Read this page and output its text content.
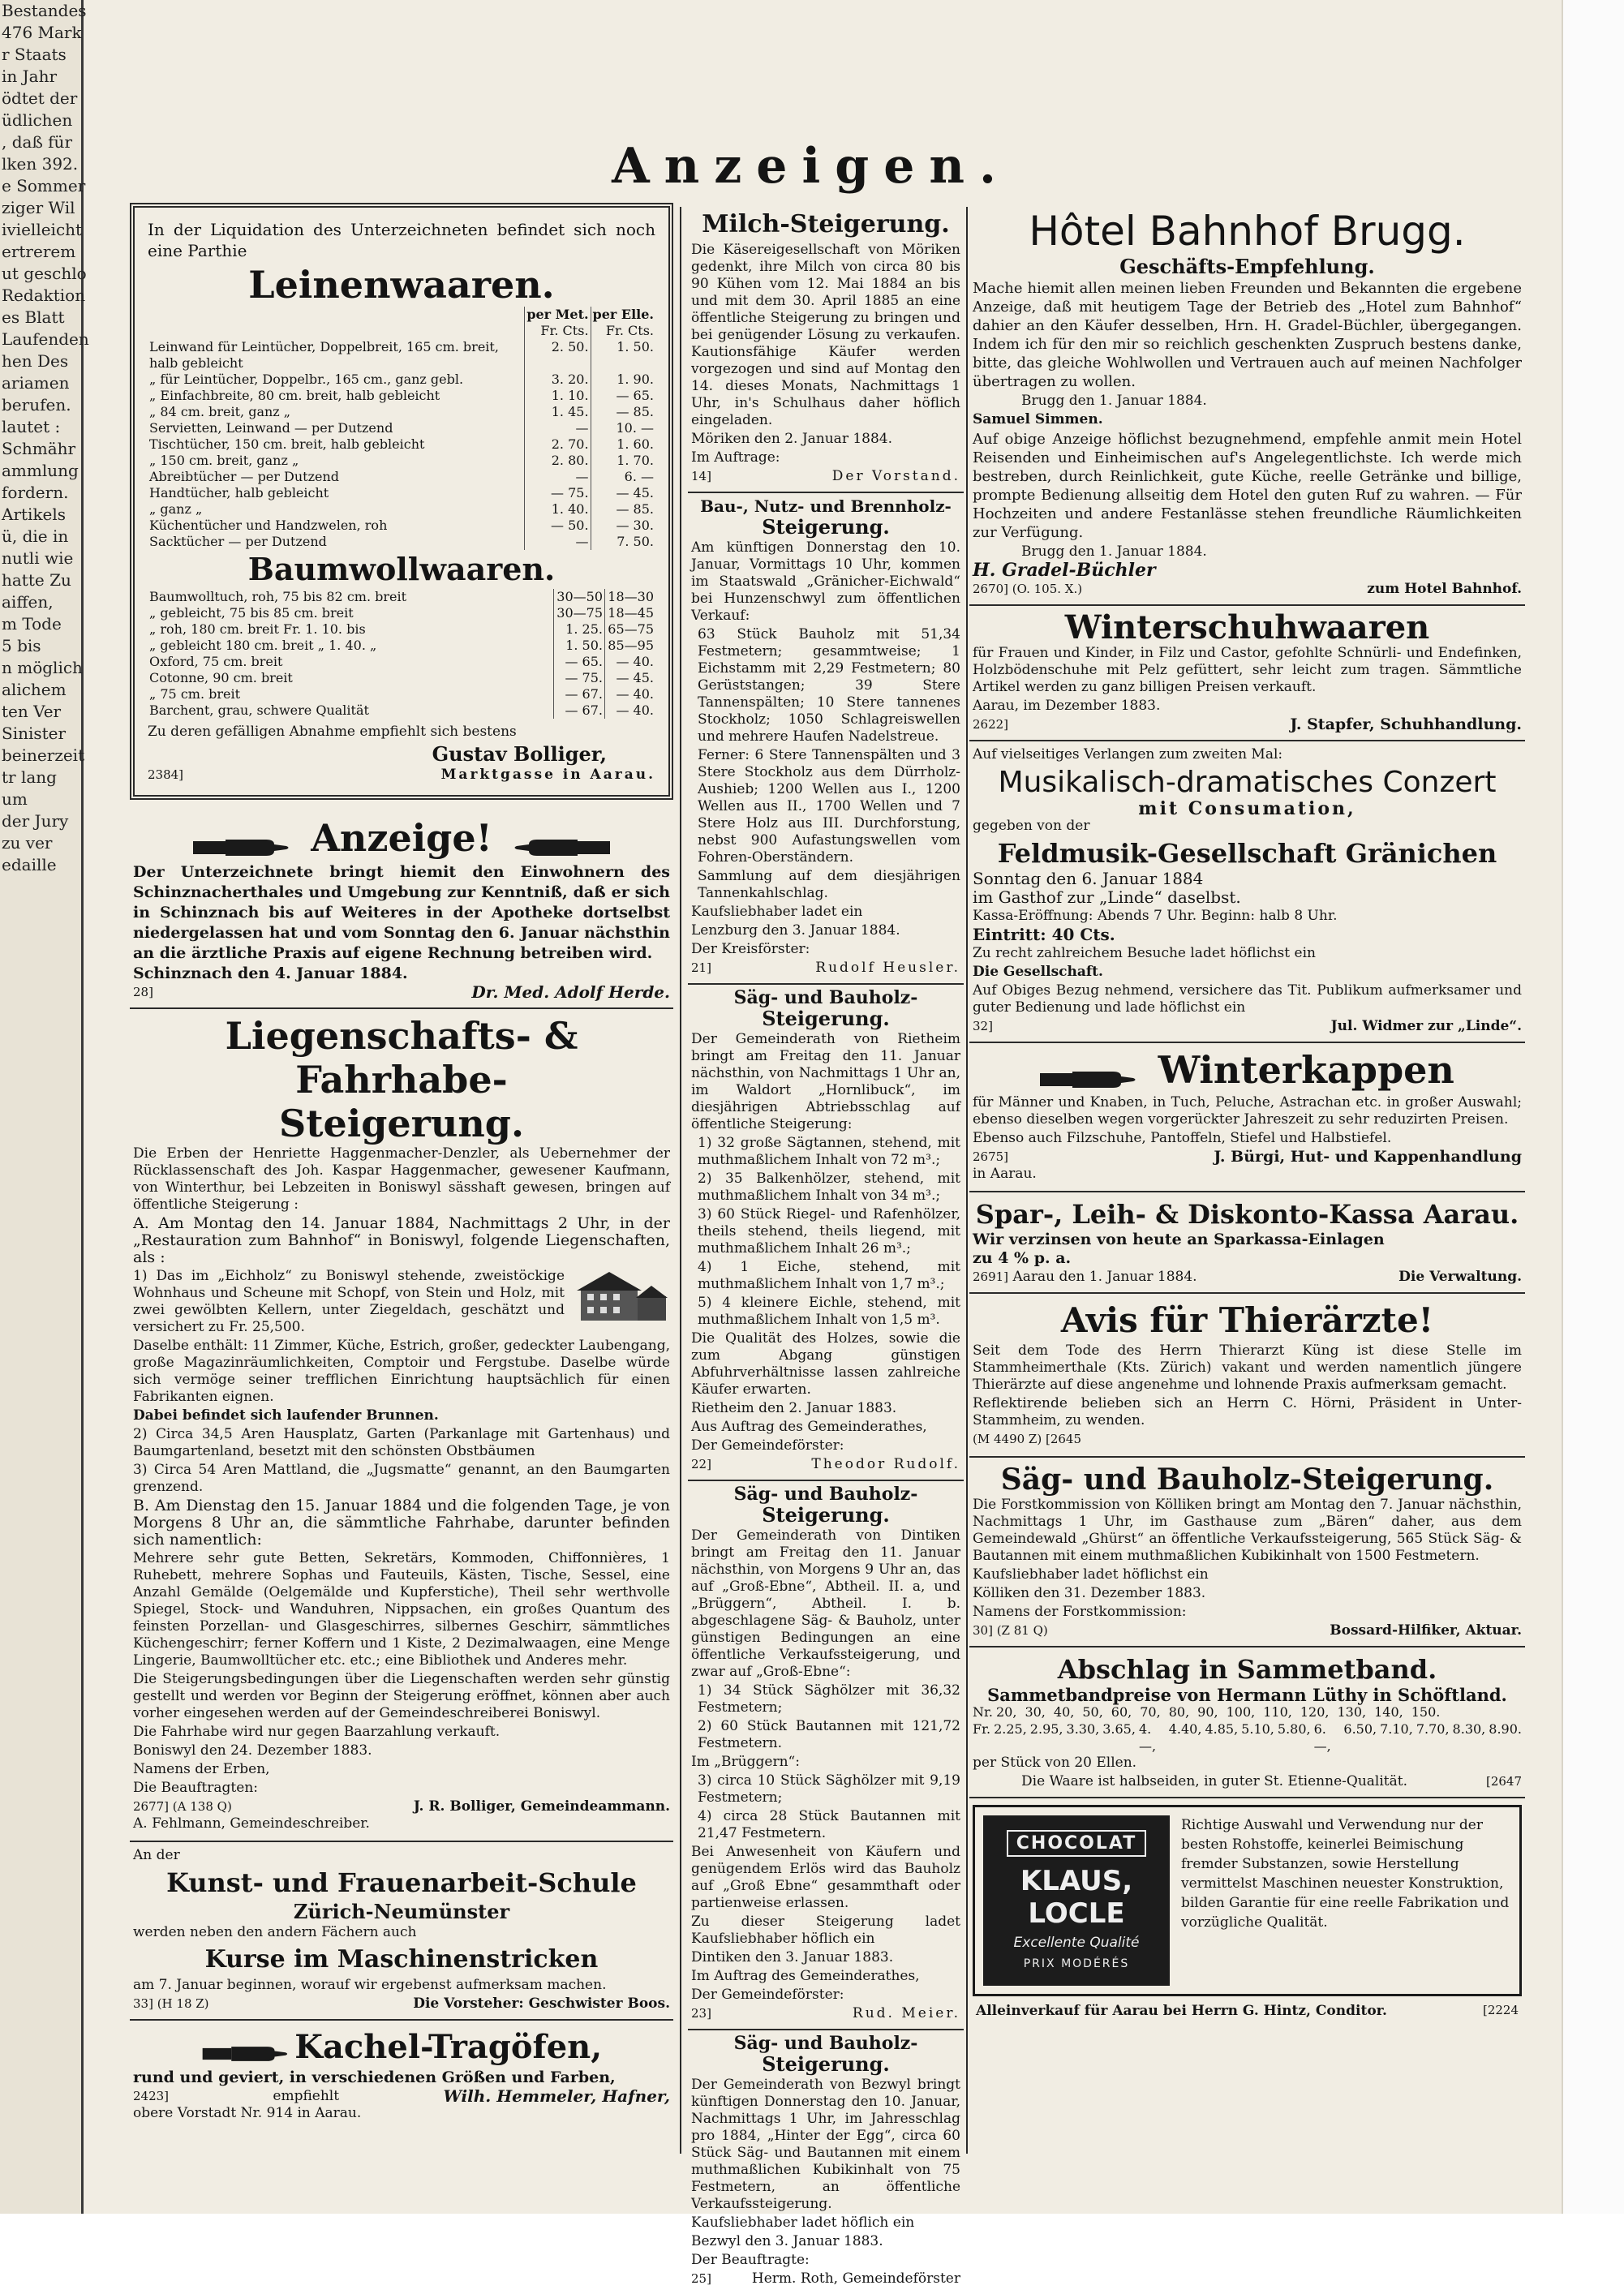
Bestandes
476 Mark
r Staats
in Jahr
ödtet der
üdlichen
, daß für
lken 392.
e Sommer
ziger Wil
ivielleicht
ertrerem
ut geschlo
Redaktion
es Blatt
Laufenden
hen Des
ariamen
berufen.
lautet :
Schmähr
ammlung
fordern.
Artikels
ü, die in
nutli wie
hatte Zu
aiffen,
m Tode
5 bis
n möglich
alichem
ten Ver
Sinister
beinerzeit
tr lang
um
der Jury
zu ver
edaille
Anzeigen.

In der Liquidation des Unterzeichneten befindet sich noch eine Parthie

Leinenwaaren.
	per Met.	per Elle.
	Fr. Cts.	Fr. Cts.
Leinwand für Leintücher, Doppelbreit, 165 cm. breit, halb gebleicht	2. 50.	1. 50.
„ für Leintücher, Doppelbr., 165 cm., ganz gebl.	3. 20.	1. 90.
„ Einfachbreite, 80 cm. breit, halb gebleicht	1. 10.	— 65.
„ 84 cm. breit, ganz „	1. 45.	— 85.
Servietten, Leinwand — per Dutzend	—	10. —
Tischtücher, 150 cm. breit, halb gebleicht	2. 70.	1. 60.
„ 150 cm. breit, ganz „	2. 80.	1. 70.
Abreibtücher — per Dutzend	—	6. —
Handtücher, halb gebleicht	— 75.	— 45.
„ ganz „	1. 40.	— 85.
Küchentücher und Handzwelen, roh	— 50.	— 30.
Sacktücher — per Dutzend	—	7. 50.
Baumwollwaaren.
Baumwolltuch, roh, 75 bis 82 cm. breit	30—50	18—30
„ gebleicht, 75 bis 85 cm. breit	30—75	18—45
„ roh, 180 cm. breit Fr. 1. 10. bis	1. 25.	65—75
„ gebleicht 180 cm. breit „ 1. 40. „	1. 50.	85—95
Oxford, 75 cm. breit	— 65.	— 40.
Cotonne, 90 cm. breit	— 75.	— 45.
„ 75 cm. breit	— 67.	— 40.
Barchent, grau, schwere Qualität	— 67.	— 40.

Zu deren gefälligen Abnahme empfiehlt sich bestens

Gustav Bolliger,
2384]	Marktgasse in Aarau.
Anzeige!

Der Unterzeichnete bringt hiemit den Einwohnern des Schinznacherthales und Umgebung zur Kenntniß, daß er sich in Schinznach bis auf Weiteres in der Apotheke dortselbst niedergelassen hat und vom Sonntag den 6. Januar nächsthin an die ärztliche Praxis auf eigene Rechnung betreiben wird.

Schinznach den 4. Januar 1884.

28]	Dr. Med. Adolf Herde.
Liegenschafts- & Fahrhabe-
Steigerung.

Die Erben der Henriette Haggenmacher-Denzler, als Uebernehmer der Rücklassenschaft des Joh. Kaspar Haggenmacher, gewesener Kaufmann, von Winterthur, bei Lebzeiten in Boniswyl sässhaft gewesen, bringen auf öffentliche Steigerung :

A. Am Montag den 14. Januar 1884, Nachmittags 2 Uhr, in der „Restauration zum Bahnhof“ in Boniswyl, folgende Liegenschaften, als :

1) Das im „Eichholz“ zu Boniswyl stehende, zweistöckige Wohnhaus und Scheune mit Schopf, von Stein und Holz, mit zwei gewölbten Kellern, unter Ziegeldach, geschätzt und versichert zu Fr. 25,500.

Daselbe enthält: 11 Zimmer, Küche, Estrich, großer, gedeckter Laubengang, große Magazinräumlichkeiten, Comptoir und Fergstube. Daselbe würde sich vermöge seiner trefflichen Einrichtung hauptsächlich für einen Fabrikanten eignen.

Dabei befindet sich laufender Brunnen.

2) Circa 34,5 Aren Hausplatz, Garten (Parkanlage mit Gartenhaus) und Baumgartenland, besetzt mit den schönsten Obstbäumen

3) Circa 54 Aren Mattland, die „Jugsmatte“ genannt, an den Baumgarten grenzend.

B. Am Dienstag den 15. Januar 1884 und die folgenden Tage, je von Morgens 8 Uhr an, die sämmtliche Fahrhabe, darunter befinden sich namentlich:

Mehrere sehr gute Betten, Sekretärs, Kommoden, Chiffonnières, 1 Ruhebett, mehrere Sophas und Fauteuils, Kästen, Tische, Sessel, eine Anzahl Gemälde (Oelgemälde und Kupferstiche), Theil sehr werthvolle Spiegel, Stock- und Wanduhren, Nippsachen, ein großes Quantum des feinsten Porzellan- und Glasgeschirres, silbernes Geschirr, sämmtliches Küchengeschirr; ferner Koffern und 1 Kiste, 2 Dezimalwaagen, eine Menge Lingerie, Baumwolltücher etc. etc.; eine Bibliothek und Anderes mehr.

Die Steigerungsbedingungen über die Liegenschaften werden sehr günstig gestellt und werden vor Beginn der Steigerung eröffnet, können aber auch vorher eingesehen werden auf der Gemeindeschreiberei Boniswyl.

Die Fahrhabe wird nur gegen Baarzahlung verkauft.

Boniswyl den 24. Dezember 1883.

Namens der Erben,

Die Beauftragten:

2677] (A 138 Q)	J. R. Bolliger, Gemeindeammann.

A. Fehlmann, Gemeindeschreiber.

An der

Kunst- und Frauenarbeit-Schule
Zürich-Neumünster

werden neben den andern Fächern auch

Kurse im Maschinenstricken

am 7. Januar beginnen, worauf wir ergebenst aufmerksam machen.

33] (H 18 Z)	Die Vorsteher: Geschwister Boos.
Kachel-Tragöfen,

rund und geviert, in verschiedenen Größen und Farben,

2423]	empfiehlt	Wilh. Hemmeler, Hafner,

obere Vorstadt Nr. 914 in Aarau.

Milch-Steigerung.

Die Käsereigesellschaft von Möriken gedenkt, ihre Milch von circa 80 bis 90 Kühen vom 12. Mai 1884 an bis und mit dem 30. April 1885 an eine öffentliche Steigerung zu bringen und bei genügender Lösung zu verkaufen. Kautionsfähige Käufer werden vorgezogen und sind auf Montag den 14. dieses Monats, Nachmittags 1 Uhr, in's Schulhaus daher höflich eingeladen.

Möriken den 2. Januar 1884.

Im Auftrage:

14]	Der Vorstand.
Bau-, Nutz- und Brennholz-
Steigerung.

Am künftigen Donnerstag den 10. Januar, Vormittags 10 Uhr, kommen im Staatswald „Gränicher-Eichwald“ bei Hunzenschwyl zum öffentlichen Verkauf:

63 Stück Bauholz mit 51,34 Festmetern; gesammtweise; 1 Eichstamm mit 2,29 Festmetern; 80 Gerüststangen; 39 Stere Tannenspälten; 10 Stere tannenes Stockholz; 1050 Schlagreiswellen und mehrere Haufen Nadelstreue.

Ferner: 6 Stere Tannenspälten und 3 Stere Stockholz aus dem Dürrholz-Aushieb; 1200 Wellen aus I., 1200 Wellen aus II., 1700 Wellen und 7 Stere Holz aus III. Durchforstung, nebst 900 Aufastungswellen vom Fohren-Oberständern.

Sammlung auf dem diesjährigen Tannenkahlschlag.

Kaufsliebhaber ladet ein

Lenzburg den 3. Januar 1884.

Der Kreisförster:

21]	Rudolf Heusler.
Säg- und Bauholz-
Steigerung.

Der Gemeinderath von Rietheim bringt am Freitag den 11. Januar nächsthin, von Nachmittags 1 Uhr an, im Waldort „Hornlibuck“, im diesjährigen Abtriebsschlag auf öffentliche Steigerung:

1) 32 große Sägtannen, stehend, mit muthmaßlichem Inhalt von 72 m³.;

2) 35 Balkenhölzer, stehend, mit muthmaßlichem Inhalt von 34 m³.;

3) 60 Stück Riegel- und Rafenhölzer, theils stehend, theils liegend, mit muthmaßlichem Inhalt 26 m³.;

4) 1 Eiche, stehend, mit muthmaßlichem Inhalt von 1,7 m³.;

5) 4 kleinere Eichle, stehend, mit muthmaßlichem Inhalt von 1,5 m³.

Die Qualität des Holzes, sowie die zum Abgang günstigen Abfuhrverhältnisse lassen zahlreiche Käufer erwarten.

Rietheim den 2. Januar 1883.

Aus Auftrag des Gemeinderathes,

Der Gemeindeförster:

22]	Theodor Rudolf.
Säg- und Bauholz-
Steigerung.

Der Gemeinderath von Dintiken bringt am Freitag den 11. Januar nächsthin, von Morgens 9 Uhr an, das auf „Groß-Ebne“, Abtheil. II. a, und „Brüggern“, Abtheil. I. b. abgeschlagene Säg- & Bauholz, unter günstigen Bedingungen an eine öffentliche Verkaufssteigerung, und zwar auf „Groß-Ebne“:

1) 34 Stück Säghölzer mit 36,32 Festmetern;

2) 60 Stück Bautannen mit 121,72 Festmetern.

Im „Brüggern“:

3) circa 10 Stück Säghölzer mit 9,19 Festmetern;

4) circa 28 Stück Bautannen mit 21,47 Festmetern.

Bei Anwesenheit von Käufern und genügendem Erlös wird das Bauholz auf „Groß Ebne“ gesammthaft oder partienweise erlassen.

Zu dieser Steigerung ladet Kaufsliebhaber höflich ein

Dintiken den 3. Januar 1883.

Im Auftrag des Gemeinderathes,

Der Gemeindeförster:

23]	Rud. Meier.
Säg- und Bauholz-
Steigerung.

Der Gemeinderath von Bezwyl bringt künftigen Donnerstag den 10. Januar, Nachmittags 1 Uhr, im Jahresschlag pro 1884, „Hinter der Egg“, circa 60 Stück Säg- und Bautannen mit einem muthmaßlichen Kubikinhalt von 75 Festmetern, an öffentliche Verkaufssteigerung.

Kaufsliebhaber ladet höflich ein

Bezwyl den 3. Januar 1883.

Der Beauftragte:

25]	Herm. Roth, Gemeindeförster
Hôtel Bahnhof Brugg.
Geschäfts-Empfehlung.

Mache hiemit allen meinen lieben Freunden und Bekannten die ergebene Anzeige, daß mit heutigem Tage der Betrieb des „Hotel zum Bahnhof“ dahier an den Käufer desselben, Hrn. H. Gradel-Büchler, übergegangen. Indem ich für den mir so reichlich geschenkten Zuspruch bestens danke, bitte, das gleiche Wohlwollen und Vertrauen auch auf meinen Nachfolger übertragen zu wollen.

Brugg den 1. Januar 1884.

Samuel Simmen.

Auf obige Anzeige höflichst bezugnehmend, empfehle anmit mein Hotel Reisenden und Einheimischen auf's Angelegentlichste. Ich werde mich bestreben, durch Reinlichkeit, gute Küche, reelle Getränke und billige, prompte Bedienung allseitig dem Hotel den guten Ruf zu wahren. — Für Hochzeiten und andere Festanlässe stehen freundliche Räumlichkeiten zur Verfügung.

Brugg den 1. Januar 1884.

H. Gradel-Büchler

2670] (O. 105. X.)	zum Hotel Bahnhof.
Winterschuhwaaren

für Frauen und Kinder, in Filz und Castor, gefohlte Schnürli- und Endefinken, Holzbödenschuhe mit Pelz gefüttert, sehr leicht zum tragen. Sämmtliche Artikel werden zu ganz billigen Preisen verkauft.

Aarau, im Dezember 1883.

2622]	J. Stapfer, Schuhhandlung.

Auf vielseitiges Verlangen zum zweiten Mal:

Musikalisch-dramatisches Conzert
mit Consumation,

gegeben von der

Feldmusik-Gesellschaft Gränichen

Sonntag den 6. Januar 1884

im Gasthof zur „Linde“ daselbst.

Kassa-Eröffnung: Abends 7 Uhr. Beginn: halb 8 Uhr.

Eintritt: 40 Cts.

Zu recht zahlreichem Besuche ladet höflichst ein

Die Gesellschaft.

Auf Obiges Bezug nehmend, versichere das Tit. Publikum aufmerksamer und guter Bedienung und lade höflichst ein

32]	Jul. Widmer zur „Linde“.
Winterkappen

für Männer und Knaben, in Tuch, Peluche, Astrachan etc. in großer Auswahl; ebenso dieselben wegen vorgerückter Jahreszeit zu sehr reduzirten Preisen.

Ebenso auch Filzschuhe, Pantoffeln, Stiefel und Halbstiefel.

2675]	J. Bürgi, Hut- und Kappenhandlung

in Aarau.

Spar-, Leih- & Diskonto-Kassa Aarau.

Wir verzinsen von heute an Sparkassa-Einlagen

zu 4 % p. a.

2691] Aarau den 1. Januar 1884.	Die Verwaltung.
Avis für Thierärzte!

Seit dem Tode des Herrn Thierarzt Küng ist diese Stelle im Stammheimerthale (Kts. Zürich) vakant und werden namentlich jüngere Thierärzte auf diese angenehme und lohnende Praxis aufmerksam gemacht.

Reflektirende belieben sich an Herrn C. Hörni, Präsident in Unter-Stammheim, zu wenden.

(M 4490 Z) [2645

Säg- und Bauholz-Steigerung.

Die Forstkommission von Kölliken bringt am Montag den 7. Januar nächsthin, Nachmittags 1 Uhr, im Gasthause zum „Bären“ daher, aus dem Gemeindewald „Ghürst“ an öffentliche Verkaufssteigerung, 565 Stück Säg- & Bautannen mit einem muthmaßlichen Kubikinhalt von 1500 Festmetern.

Kaufsliebhaber ladet höflichst ein

Kölliken den 31. Dezember 1883.

Namens der Forstkommission:

30] (Z 81 Q)	Bossard-Hilfiker, Aktuar.
Abschlag in Sammetband.
Sammetbandpreise von Hermann Lüthy in Schöftland.
Nr. 20, 30, 40, 50, 60, 70, 80, 90, 100, 110, 120, 130, 140, 150.
Fr. 2.25, 2.95, 3.30, 3.65, 4.—,
4.40, 4.85, 5.10, 5.80, 6.—,
6.50, 7.10, 7.70, 8.30, 8.90.

per Stück von 20 Ellen.

Die Waare ist halbseiden, in guter St. Etienne-Qualität.	[2647
CHOCOLAT
KLAUS, LOCLE
Excellente Qualité
PRIX MODÉRÉS

Richtige Auswahl und Verwendung nur der besten Rohstoffe, keinerlei Beimischung fremder Substanzen, sowie Herstellung vermittelst Maschinen neuester Konstruktion, bilden Garantie für eine reelle Fabrikation und vorzügliche Qualität.

Alleinverkauf für Aarau bei Herrn G. Hintz, Conditor.	[2224
